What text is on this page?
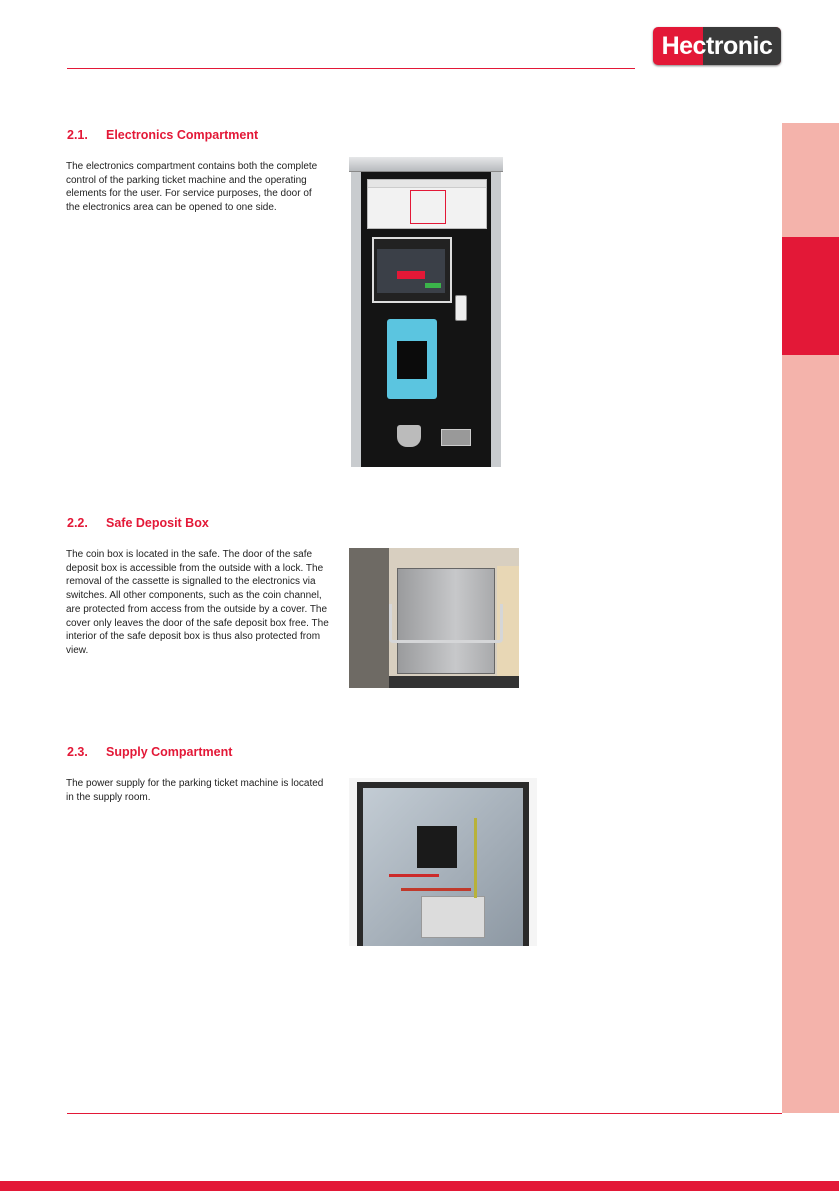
Hectronic
2.1. Electronics Compartment

The electronics compartment contains both the complete

control of the parking ticket machine and the operating

elements for the user. For service purposes, the door of

the electronics area can be opened to one side.

2.2. Safe Deposit Box

The coin box is located in the safe. The door of the safe

deposit box is accessible from the outside with a lock. The

removal of the cassette is signalled to the electronics via

switches. All other components, such as the coin channel,

are protected from access from the outside by a cover. The

cover only leaves the door of the safe deposit box free. The

interior of the safe deposit box is thus also protected from

view.

2.3. Supply Compartment

The power supply for the parking ticket machine is located

in the supply room.
